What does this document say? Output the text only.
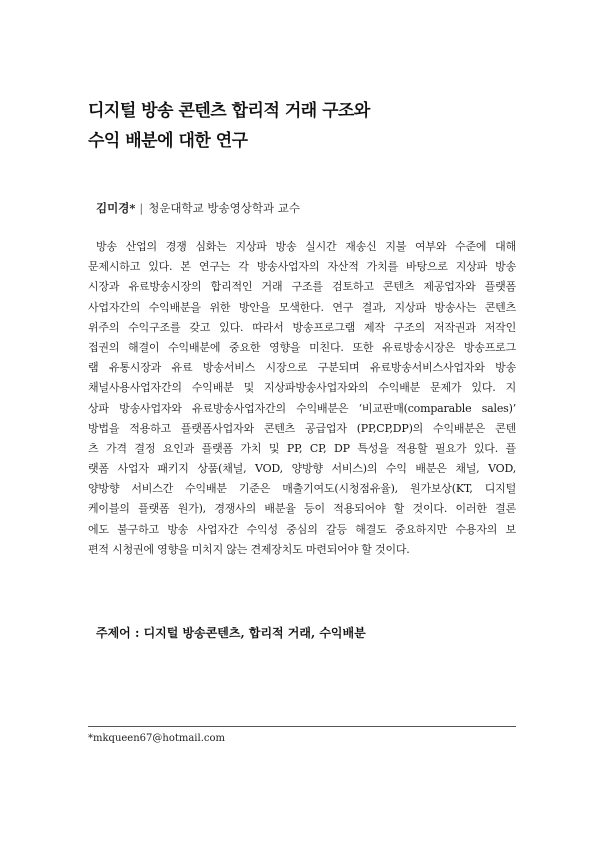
디지털 방송 콘텐츠 합리적 거래 구조와
수익 배분에 대한 연구
김미경* | 청운대학교 방송영상학과 교수
방송 산업의 경쟁 심화는 지상파 방송 실시간 재송신 지불 여부와 수준에 대해
문제시하고 있다. 본 연구는 각 방송사업자의 자산적 가치를 바탕으로 지상파 방송
시장과 유료방송시장의 합리적인 거래 구조를 검토하고 콘텐츠 제공업자와 플랫폼
사업자간의 수익배분을 위한 방안을 모색한다. 연구 결과, 지상파 방송사는 콘텐츠
위주의 수익구조를 갖고 있다. 따라서 방송프로그램 제작 구조의 저작권과 저작인
접권의 해결이 수익배분에 중요한 영향을 미친다. 또한 유료방송시장은 방송프로그
램 유통시장과 유료 방송서비스 시장으로 구분되며 유료방송서비스사업자와 방송
채널사용사업자간의 수익배분 및 지상파방송사업자와의 수익배분 문제가 있다. 지
상파 방송사업자와 유료방송사업자간의 수익배분은 ‘비교판매(comparable sales)’
방법을 적용하고 플랫폼사업자와 콘텐츠 공급업자 (PP,CP,DP)의 수익배분은 콘텐
츠 가격 결정 요인과 플랫폼 가치 및 PP, CP, DP 특성을 적용할 필요가 있다. 플
랫폼 사업자 패키지 상품(채널, VOD, 양방향 서비스)의 수익 배분은 채널, VOD,
양방향 서비스간 수익배분 기준은 매출기여도(시청점유율), 원가보상(KT, 디지털
케이블의 플랫폼 원가), 경쟁사의 배분율 등이 적용되어야 할 것이다. 이러한 결론
에도 불구하고 방송 사업자간 수익성 중심의 갈등 해결도 중요하지만 수용자의 보
편적 시청권에 영향을 미치지 않는 견제장치도 마련되어야 할 것이다.
주제어 : 디지털 방송콘텐츠, 합리적 거래, 수익배분
*mkqueen67@hotmail.com
